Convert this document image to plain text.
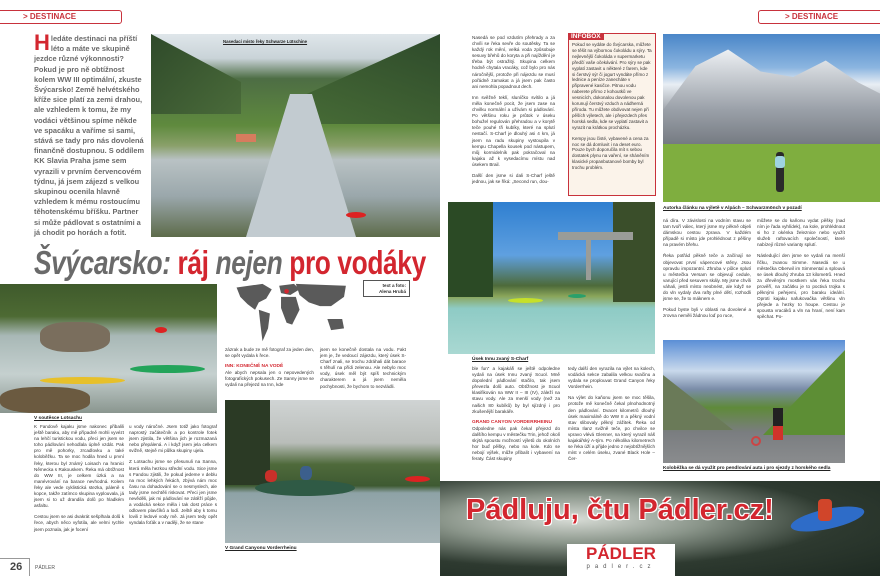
> DESTINACE
Hledáte destinaci na příští léto a máte ve skupině jezdce různé výkonnosti? Pokud je pro ně obtížnost kolem WW III optimální, zkuste Švýcarsko! Země helvétského kříže sice platí za zemi drahou, ale vzhledem k tomu, že my vodáci většinou spíme někde ve spacáku a vaříme si sami, stává se tady pro nás dovolená finančně dostupnou. S oddílem KK Slavia Praha jsme sem vyrazili v prvním červencovém týdnu, já jsem zájezd s velkou skupinou ocenila hlavně vzhledem k mému rostoucímu těhotenskému bříšku. Partner si může pádlovat s ostatními a já chodit po horách a fotit.
Nasedací místo řeky Schwarze Lütschine
Švýcarsko: ráj nejen pro vodáky
text a foto:
Alena Hrubá
V soutěsce Lotsachu

K Fandově kajaku jsme nakonec přibalili ještě baraku, aby mě případně mohli vyvézt na lehčí turistickou vodu, přeci jen jsem se toho pádlování nehodlala úplně vzdát. Pak pro mě pohorky, zrcadlovku a také koloběžku. Ta se moc hodila hned u první řeky, kterou byl známý Loisach na hranici Německa s Rakouskem. Řeka má obtížnost do WW III, je celkem úzká a na manévrování na barace nevhodná. Kolem řeky ale vede cyklistická stezka, páleně s kopce, takže zatímco skupina vyplouvala, já jsem si to už drandila dolů po hladkém asfaltu.

Cestou jsem se asi dvakrát sešplhala dolů k řece, abych něco vyfotila, ale velmi rychle jsem poznala, jak je focení

u vody náročné. Jsem totiž jako fotograf naprostý začátečník a po kontrole fotek jsem zjistila, že většina jich je rozmazaná nebo přepálená. A i když jsem jela celkem svižně, stejně mi půlka skupiny ujela.

Z Lotsachu jsme se přesunuli na Sanna, která měla hezkou střední vodu. Sice jsme s Fandou zjistili, že pokud jedeme v deblu na moc lehkých řekách, zbývá nám moc času na dohadování se o nesmyslech, ale tady jsme nechtěli riskovat. Přeci jen jsme nevěděli, jak mi pádlování se zátěží půjde, a vodácká sekce měla i tak dost práce s odlovem plavčíků a lodí. Ještě aby k tomu lovili z ledové vody mě. Já jsem tedy opět vyndala foťák a v naději, že se stane

zázrak a bude ze mě fotograf za jeden den, se opět vydala k řece.

INN: KONEČNĚ NA VODĚ

Ale abych nepsala jen o nepovedených fotografických pokusech. Ze Sanny jsme se vydali na přejezd na Inn, kde

jsem se konečně dostala na vodu. Fakt jem je, že vedoucí zájezdu, který úsek S-Charf znali, se trochu zdráhali dát baracе s těhulí na přídi zelenou. Ale nebylo moc vody, úsek měl být spíš technickým charakterem a já jsem neměla pochybnosti, že bychom to nezvládli.

V Grand Canyonu Vorderrheinu
26	PÁDLER
> DESTINACE

Nasedá se pod vzdutím přehrady a za chvíli se řeka sevře do soutěsky. Ta se každý rok mění, velká voda způsobuje sesuvy břehů do koryta a při najíždění je třeba být ostražitý. Skupina celkem hodně chytala vracáky, což bylo pro nás náročnější, protože při nájezdu se musí pořádně zamakat a já jsem pak často ani nemohla popadnout dech.

Inn svěžně teklí, sluníčko svítilo a já měla konečně pocit, že jsem zase na chvilku normální a užívám si pádlování. Po většinu roku je průtok v úseku bohužel regulován přehradou a v korytě teče pouhé tři kubíky, které na splutí nestačí. S-Charf je dlouhý asi 4 km, já jsem na radu skupiny vystoupila v kempu Chapella kousek pod nástupem, můj kormidelník pak pokračoval na kajaku až k vysedacímu místu nad úsekem Brail.

Další den jsme si dali S-Charf ještě jednou, jak se říká: „Second run, dou-

INFOBOX

Pokud se vydáte do Švýcarska, můžete se těšit na výbornou čokoládu a sýry. Ta nejlevnější čokoláda v supermarketu předčí vaše očekávání. Pro sýry se pak vyplatí zastavit u některé z farem, kde si čerstvý sýr či jogurt vyndáte přímo z lednice a peníze zanecháte v připravené kasičce. Pitnou vodu naberete přímo z kohoutků ve vesnicích, dokonalou dovolenou pak korunují čerstvý vzduch a nádherná příroda. Tu můžete obdivovat nejen při pěších výletech, ale i přejezdech přes horská sedla, kde se vyplatí zastavit a vyrazit na krátkou procházku.

Kempy jsou čisté, vybavené a cena za noc se dá domluvit i na deset euro. Pouze bych doporučila mít s sebou dostatek plynu na vaření, se sháněním klasické propanbutanové bomby byl trochu problém.

Autorka článku na výletě v Alpách – Schwarzmönch v pozadí
Úsek Innu zvaný S-Charf

ble fun“ a kajakáři se ještě odpoledne vydali na úsek Innu zvaný Scuol. Mně dopolední pádlování stačilo, tak jsem převezla dolů auto. Obtížnost je Scuol klasifikován na WW II – III (IV), záleží na stavu vody. Ale za menší vody (než za našich 80 kubíků) by byl sjízdný i pro zkušenější barakáře.

GRAND CANYON VORDERRHEINU

Odpoledne nás pak čekal přejezd do dalšího kempu v městečku Trin, jehož okolí skýtá spoustu možností výletů do okolních hor buď pěšky, nebo na kole. Kdo se nebojí výšek, může přibalit i vybavení na feraty. Část skupiny

tedy další den vyrazila na výlet na kolech, vodácká sekce zabalila velkou svačinu a vydala se proplouvat Grand Canyon řeky Vorderrhein.

Na výlet do kaňonu jsem se moc těšila, protože mě konečně čekal plnohodnotný den pádlování. Dvacet kilometrů dlouhý úsek maximálně do WW II a pěkný vodní stav slibovaly pěkný zážitek. Řeka od místa Ilanz svižně teče, po chvilce se vpravo vlévá Glenner, na který vyrazil náš kajakářský A-tým. Po několika kilometrech se řeka úží a přijde jedno z nejobtížnějších míst v celém úseku, zvané Black Hole – Čer-

ná díra. V závislosti na vodním stavu se tam tvoří válec, který jsme my pěkně objeli dámskou cestou zprava. V každém případě si místo jde prohlédnout z pěšiny na pravém břehu.

Řeka potřád pěkně teče a začínají se objevovat první vápencové stěny. Jsou opravdu impozantní. Zhruba v půlce splutí u městečka Versam se objevují cedule, varující před sesuvem skály. My jsme chvíli váhali, jestli místo neobnést, ale když se do vln vydaly dva rafty plné dětí, rozhodli jsme se, že to máknem e.

Pokud byste byli v oblasti na dovolené a zrovna neměli žádnou loď po ruce,

můžete se do kaňonu vydat pěšky (nad ním je řada vyhlídek), na kole, prohlédnout si ho z okénka železnice nebo využít služeb raftovacích společností, které nabízejí různé varianty splutí.

Následující den jsme se vydali na menší řičku, zvanou Simme. Nasedá se u městečka Oberwil im Simmental a splouvá se úsek dlouhý zhruba 13 kilometrů. Hned za dřevěným mostkem vás řeka trochu prověří, na začátku je to poctivá trojka s pěknými peřejemi, pro baraku ideální. Oproti kajaku nafukovačka většinu vln přejede a hezky to houpe. Cestou je spousta vracáků a vln na hraní, není kam spěchat. Po-

Koloběžka se dá využít pro pendlování auta i pro sjezdy z horského sedla
Pádluju, čtu Pádler.cz!
PÁDLER
padler.cz
